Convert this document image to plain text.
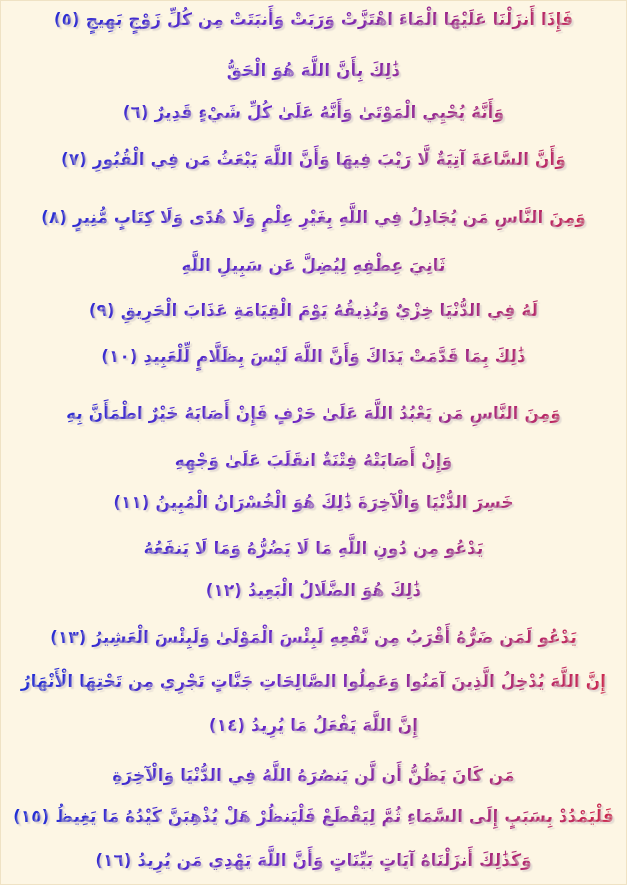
فَإِذَا أَنزَلْنَا عَلَيْهَا الْمَاءَ اهْتَزَّتْ وَرَبَتْ وَأَنبَتَتْ مِن كُلِّ زَوْجٍ بَهِيجٍ (٥)

ذَٰلِكَ بِأَنَّ اللَّهَ هُوَ الْحَقُّ

وَأَنَّهُ يُحْيِي الْمَوْتَىٰ وَأَنَّهُ عَلَىٰ كُلِّ شَيْءٍ قَدِيرٌ (٦)

وَأَنَّ السَّاعَةَ آتِيَةٌ لَّا رَيْبَ فِيهَا وَأَنَّ اللَّهَ يَبْعَثُ مَن فِي الْقُبُورِ (٧)

وَمِنَ النَّاسِ مَن يُجَادِلُ فِي اللَّهِ بِغَيْرِ عِلْمٍ وَلَا هُدًى وَلَا كِتَابٍ مُّنِيرٍ (٨)

ثَانِيَ عِطْفِهِ لِيُضِلَّ عَن سَبِيلِ اللَّهِ

لَهُ فِي الدُّنْيَا خِزْيٌ وَنُذِيقُهُ يَوْمَ الْقِيَامَةِ عَذَابَ الْحَرِيقِ (٩)

ذَٰلِكَ بِمَا قَدَّمَتْ يَدَاكَ وَأَنَّ اللَّهَ لَيْسَ بِظَلَّامٍ لِّلْعَبِيدِ (١٠)

وَمِنَ النَّاسِ مَن يَعْبُدُ اللَّهَ عَلَىٰ حَرْفٍ فَإِنْ أَصَابَهُ خَيْرٌ اطْمَأَنَّ بِهِ

وَإِنْ أَصَابَتْهُ فِتْنَةٌ انقَلَبَ عَلَىٰ وَجْهِهِ

خَسِرَ الدُّنْيَا وَالْآخِرَةَ ذَٰلِكَ هُوَ الْخُسْرَانُ الْمُبِينُ (١١)

يَدْعُو مِن دُونِ اللَّهِ مَا لَا يَضُرُّهُ وَمَا لَا يَنفَعُهُ

ذَٰلِكَ هُوَ الضَّلَالُ الْبَعِيدُ (١٢)

يَدْعُو لَمَن ضَرُّهُ أَقْرَبُ مِن نَّفْعِهِ لَبِئْسَ الْمَوْلَىٰ وَلَبِئْسَ الْعَشِيرُ (١٣)

إِنَّ اللَّهَ يُدْخِلُ الَّذِينَ آمَنُوا وَعَمِلُوا الصَّالِحَاتِ جَنَّاتٍ تَجْرِي مِن تَحْتِهَا الْأَنْهَارُ

إِنَّ اللَّهَ يَفْعَلُ مَا يُرِيدُ (١٤)

مَن كَانَ يَظُنُّ أَن لَّن يَنصُرَهُ اللَّهُ فِي الدُّنْيَا وَالْآخِرَةِ

فَلْيَمْدُدْ بِسَبَبٍ إِلَى السَّمَاءِ ثُمَّ لِيَقْطَعْ فَلْيَنظُرْ هَلْ يُذْهِبَنَّ كَيْدُهُ مَا يَغِيظُ (١٥)

وَكَذَٰلِكَ أَنزَلْنَاهُ آيَاتٍ بَيِّنَاتٍ وَأَنَّ اللَّهَ يَهْدِي مَن يُرِيدُ (١٦)
